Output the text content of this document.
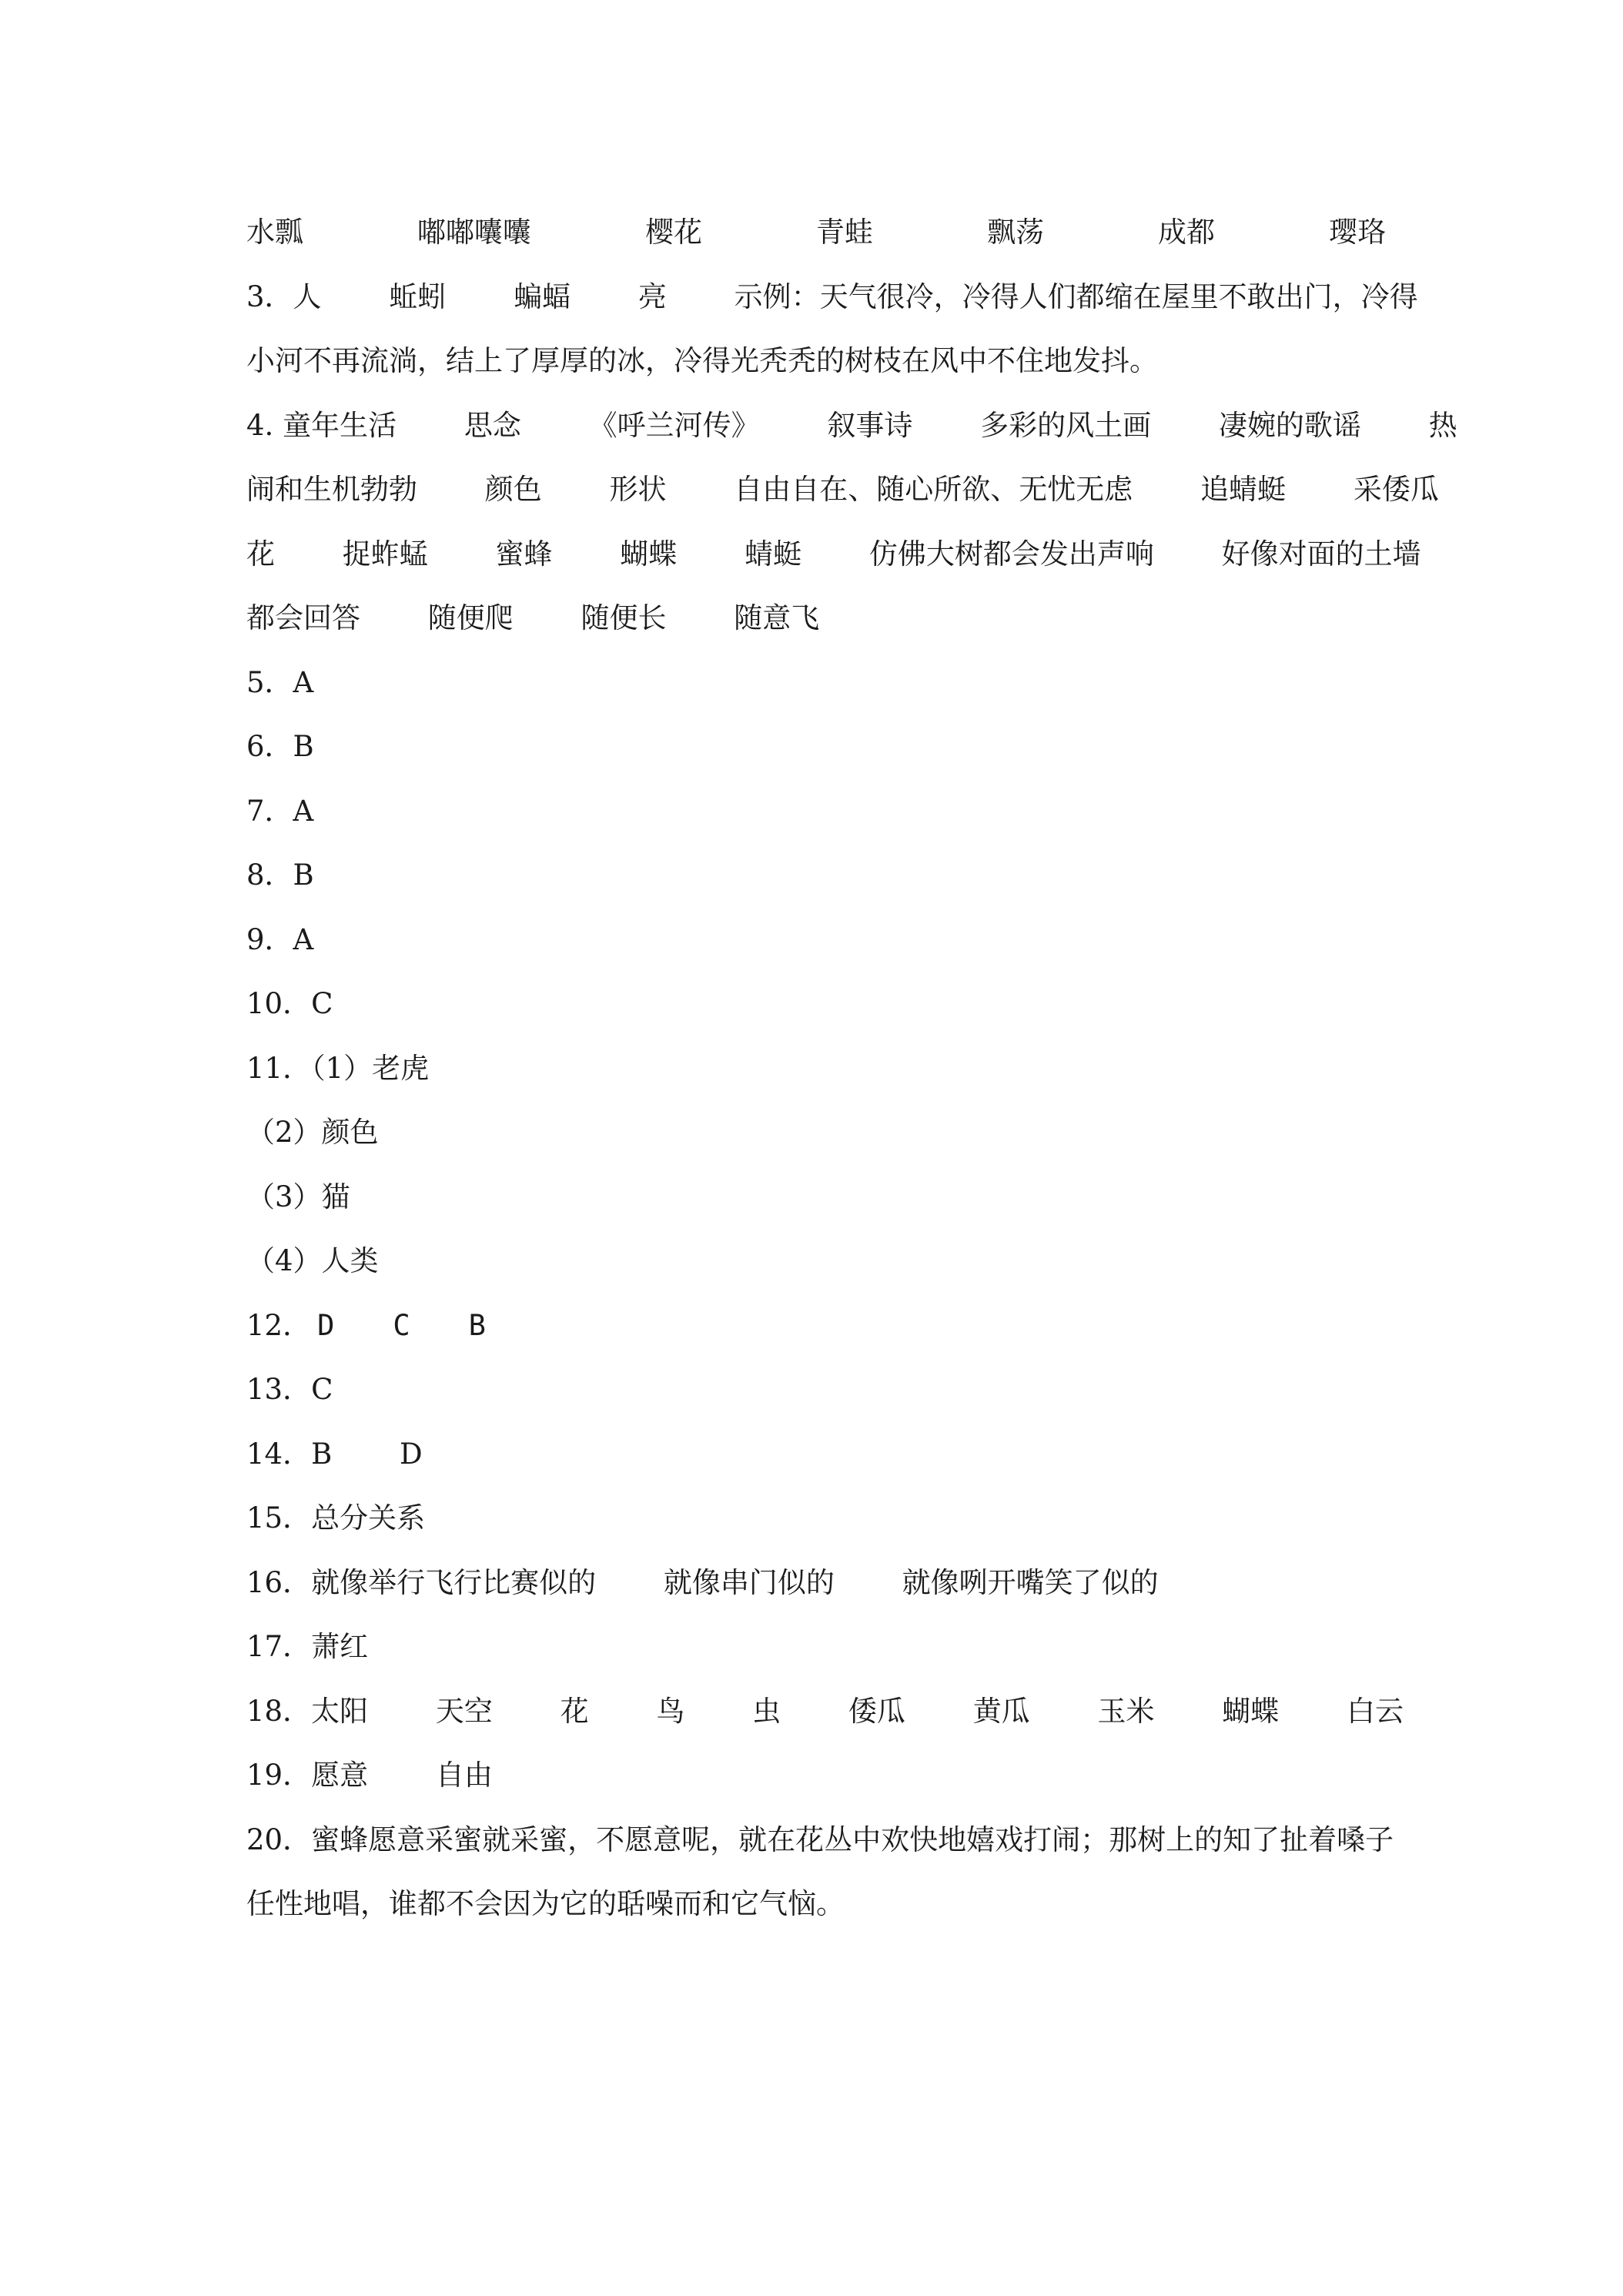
水瓢	嘟嘟囔囔	樱花	青蛙	飘荡	成都	璎珞
3．人 蚯蚓 蝙蝠 亮 示例：天气很冷，冷得人们都缩在屋里不敢出门，冷得
小河不再流淌，结上了厚厚的冰，冷得光秃秃的树枝在风中不住地发抖。
4. 童年生活 思念 《呼兰河传》 叙事诗 多彩的风土画 凄婉的歌谣 热
闹和生机勃勃 颜色 形状 自由自在、随心所欲、无忧无虑 追蜻蜓 采倭瓜
花 捉蚱蜢 蜜蜂 蝴蝶 蜻蜓 仿佛大树都会发出声响 好像对面的土墙
都会回答 随便爬 随便长 随意飞
5．A
6．B
7．A
8．B
9．A
10．C
11．（1）老虎
（2）颜色
（3）猫
（4）人类
12． D C B
13．C
14．B D
15．总分关系
16．就像举行飞行比赛似的 就像串门似的 就像咧开嘴笑了似的
17．萧红
18．太阳 天空 花 鸟 虫 倭瓜 黄瓜 玉米 蝴蝶 白云
19．愿意 自由
20．蜜蜂愿意采蜜就采蜜，不愿意呢，就在花丛中欢快地嬉戏打闹；那树上的知了扯着嗓子
任性地唱，谁都不会因为它的聒噪而和它气恼。
